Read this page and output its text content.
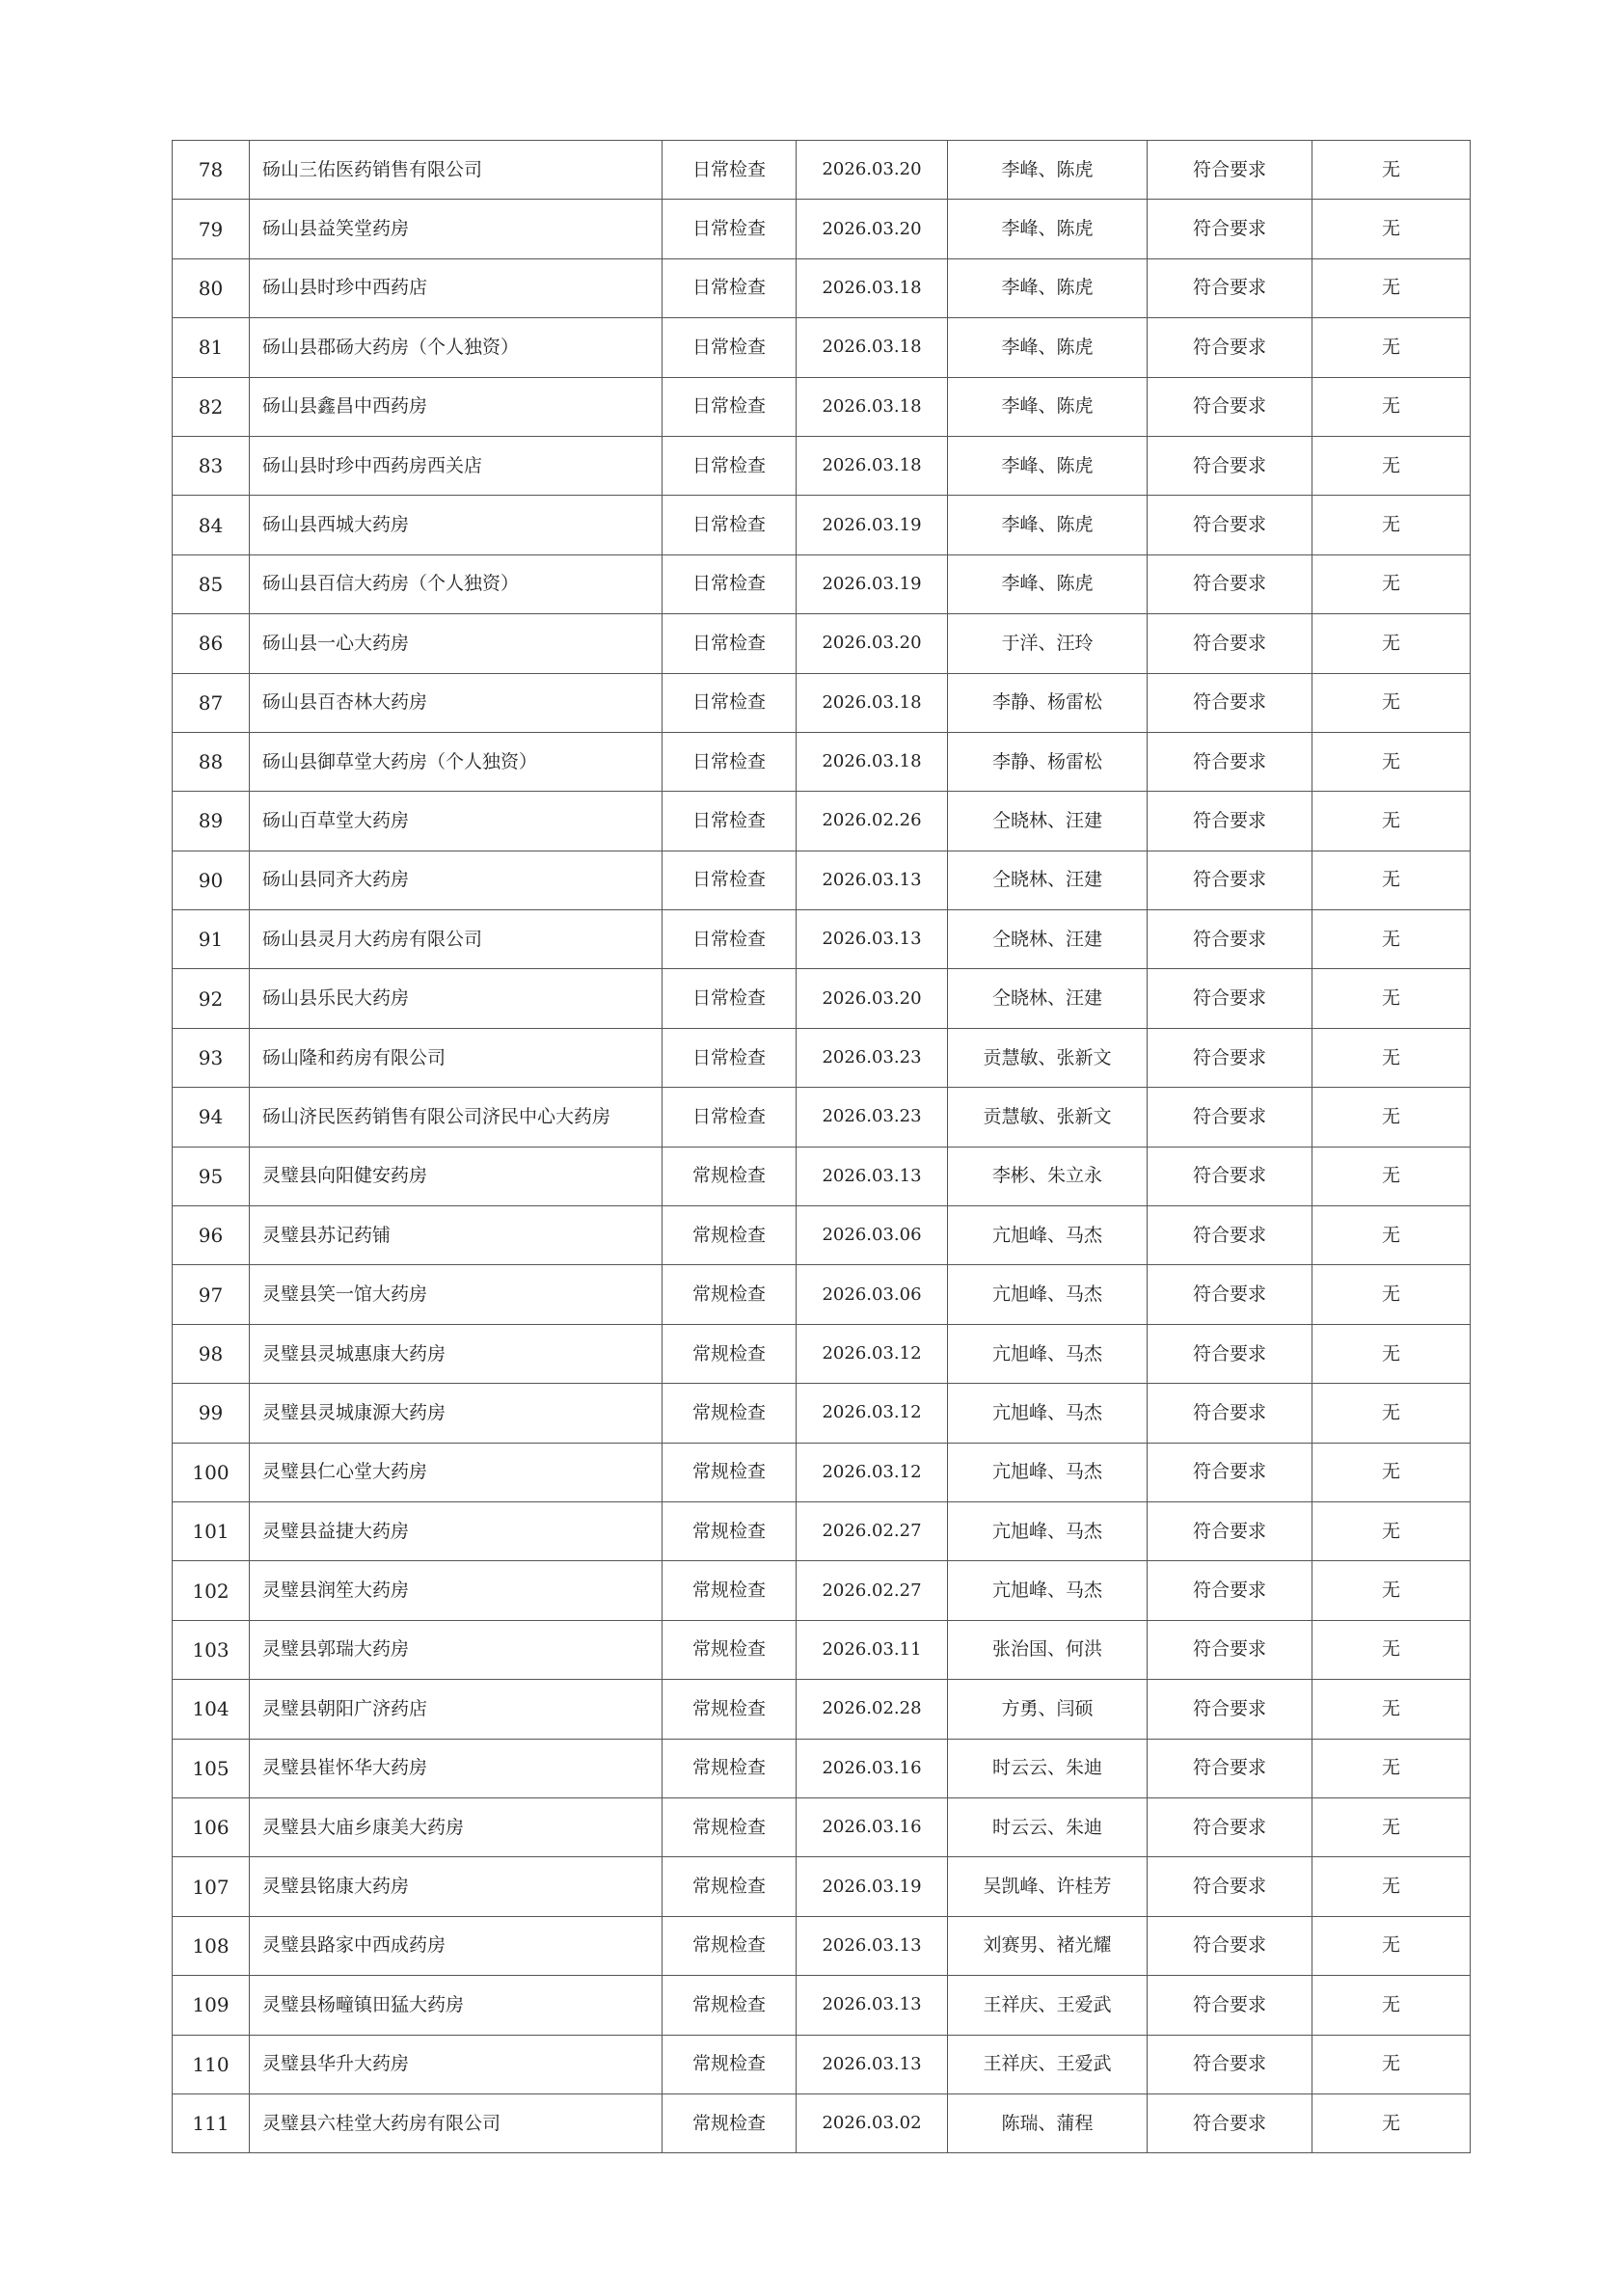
78	砀山三佑医药销售有限公司	日常检查	2026.03.20	李峰、陈虎	符合要求	无
79	砀山县益笑堂药房	日常检查	2026.03.20	李峰、陈虎	符合要求	无
80	砀山县时珍中西药店	日常检查	2026.03.18	李峰、陈虎	符合要求	无
81	砀山县郡砀大药房（个人独资）	日常检查	2026.03.18	李峰、陈虎	符合要求	无
82	砀山县鑫昌中西药房	日常检查	2026.03.18	李峰、陈虎	符合要求	无
83	砀山县时珍中西药房西关店	日常检查	2026.03.18	李峰、陈虎	符合要求	无
84	砀山县西城大药房	日常检查	2026.03.19	李峰、陈虎	符合要求	无
85	砀山县百信大药房（个人独资）	日常检查	2026.03.19	李峰、陈虎	符合要求	无
86	砀山县一心大药房	日常检查	2026.03.20	于洋、汪玲	符合要求	无
87	砀山县百杏林大药房	日常检查	2026.03.18	李静、杨雷松	符合要求	无
88	砀山县御草堂大药房（个人独资）	日常检查	2026.03.18	李静、杨雷松	符合要求	无
89	砀山百草堂大药房	日常检查	2026.02.26	仝晓林、汪建	符合要求	无
90	砀山县同齐大药房	日常检查	2026.03.13	仝晓林、汪建	符合要求	无
91	砀山县灵月大药房有限公司	日常检查	2026.03.13	仝晓林、汪建	符合要求	无
92	砀山县乐民大药房	日常检查	2026.03.20	仝晓林、汪建	符合要求	无
93	砀山隆和药房有限公司	日常检查	2026.03.23	贡慧敏、张新文	符合要求	无
94	砀山济民医药销售有限公司济民中心大药房	日常检查	2026.03.23	贡慧敏、张新文	符合要求	无
95	灵璧县向阳健安药房	常规检查	2026.03.13	李彬、朱立永	符合要求	无
96	灵璧县苏记药铺	常规检查	2026.03.06	亢旭峰、马杰	符合要求	无
97	灵璧县笑一馆大药房	常规检查	2026.03.06	亢旭峰、马杰	符合要求	无
98	灵璧县灵城惠康大药房	常规检查	2026.03.12	亢旭峰、马杰	符合要求	无
99	灵璧县灵城康源大药房	常规检查	2026.03.12	亢旭峰、马杰	符合要求	无
100	灵璧县仁心堂大药房	常规检查	2026.03.12	亢旭峰、马杰	符合要求	无
101	灵璧县益捷大药房	常规检查	2026.02.27	亢旭峰、马杰	符合要求	无
102	灵璧县润笙大药房	常规检查	2026.02.27	亢旭峰、马杰	符合要求	无
103	灵璧县郭瑞大药房	常规检查	2026.03.11	张治国、何洪	符合要求	无
104	灵璧县朝阳广济药店	常规检查	2026.02.28	方勇、闫硕	符合要求	无
105	灵璧县崔怀华大药房	常规检查	2026.03.16	时云云、朱迪	符合要求	无
106	灵璧县大庙乡康美大药房	常规检查	2026.03.16	时云云、朱迪	符合要求	无
107	灵璧县铭康大药房	常规检查	2026.03.19	吴凯峰、许桂芳	符合要求	无
108	灵璧县路家中西成药房	常规检查	2026.03.13	刘赛男、褚光耀	符合要求	无
109	灵璧县杨疃镇田猛大药房	常规检查	2026.03.13	王祥庆、王爱武	符合要求	无
110	灵璧县华升大药房	常规检查	2026.03.13	王祥庆、王爱武	符合要求	无
111	灵璧县六桂堂大药房有限公司	常规检查	2026.03.02	陈瑞、蒲程	符合要求	无
